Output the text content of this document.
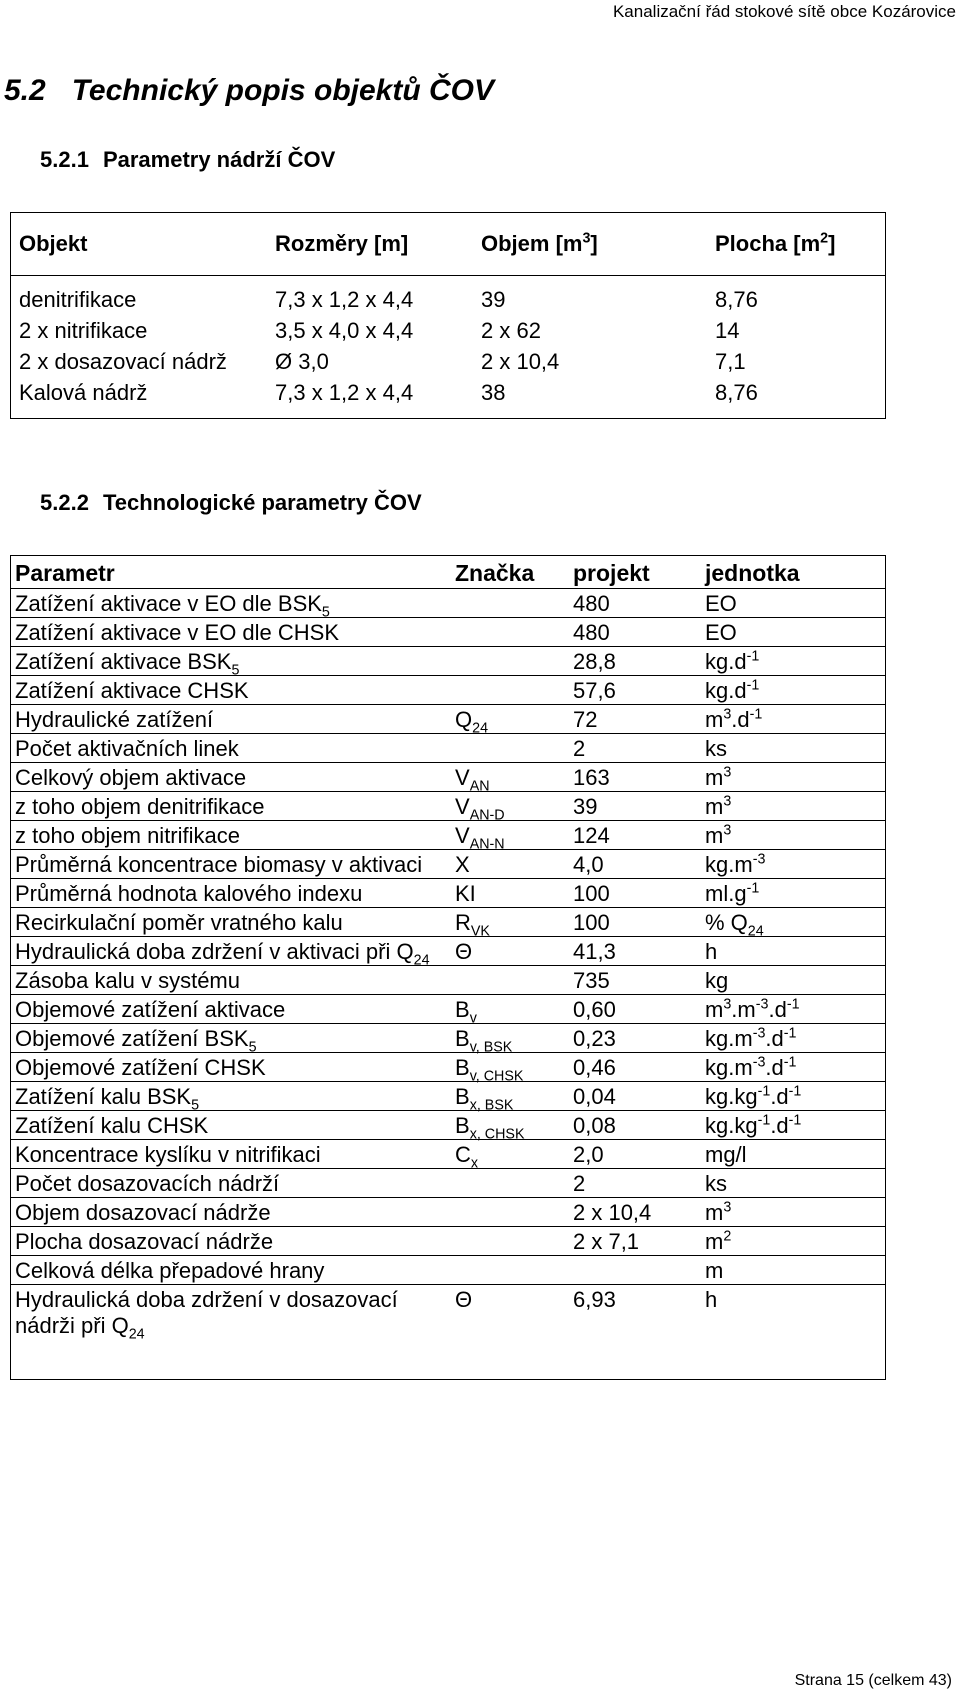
Kanalizační řád stokové sítě obce Kozárovice
5.2 Technický popis objektů ČOV
5.2.1 Parametry nádrží ČOV
Objekt	Rozměry [m]	Objem $[m^3]$	Plocha $[m^2]$
denitrifikace	7,3 x 1,2 x 4,4	39	8,76
2 x nitrifikace	3,5 x 4,0 x 4,4	2 x 62	14
2 x dosazovací nádrž	Ø 3,0	2 x 10,4	7,1
Kalová nádrž	7,3 x 1,2 x 4,4	38	8,76
5.2.2 Technologické parametry ČOV
Parametr	Značka	projekt	jednotka
Zatížení aktivace v EO dle $BSK_5$		480	EO
Zatížení aktivace v EO dle CHSK		480	EO
Zatížení aktivace $BSK_5$		28,8	$kg.d^{-1}$
Zatížení aktivace CHSK		57,6	$kg.d^{-1}$
Hydraulické zatížení	$Q_{24}$	72	$m^3.d^{-1}$
Počet aktivačních linek		2	ks
Celkový objem aktivace	$V_{AN}$	163	$m^3$
z toho objem denitrifikace	$V_{AN-D}$	39	$m^3$
z toho objem nitrifikace	$V_{AN-N}$	124	$m^3$
Průměrná koncentrace biomasy v aktivaci	X	4,0	$kg.m^{-3}$
Průměrná hodnota kalového indexu	KI	100	$ml.g^{-1}$
Recirkulační poměr vratného kalu	$R_{VK}$	100	% $Q_{24}$
Hydraulická doba zdržení v aktivaci při $Q_{24}$	Θ	41,3	h
Zásoba kalu v systému		735	kg
Objemové zatížení aktivace	$B_v$	0,60	$m^3.m^{-3}.d^{-1}$
Objemové zatížení $BSK_5$	$B_{v, BSK}$	0,23	$kg.m^{-3}.d^{-1}$
Objemové zatížení CHSK	$B_{v, CHSK}$	0,46	$kg.m^{-3}.d^{-1}$
Zatížení kalu $BSK_5$	$B_{x, BSK}$	0,04	$kg.kg^{-1}.d^{-1}$
Zatížení kalu CHSK	$B_{x, CHSK}$	0,08	$kg.kg^{-1}.d^{-1}$
Koncentrace kyslíku v nitrifikaci	$C_x$	2,0	mg/l
Počet dosazovacích nádrží		2	ks
Objem dosazovací nádrže		2 x 10,4	$m^3$
Plocha dosazovací nádrže		2 x 7,1	$m^2$
Celková délka přepadové hrany			m
Hydraulická doba zdržení v dosazovací nádrži při $Q_{24}$	Θ	6,93	h
Strana 15 (celkem 43)
